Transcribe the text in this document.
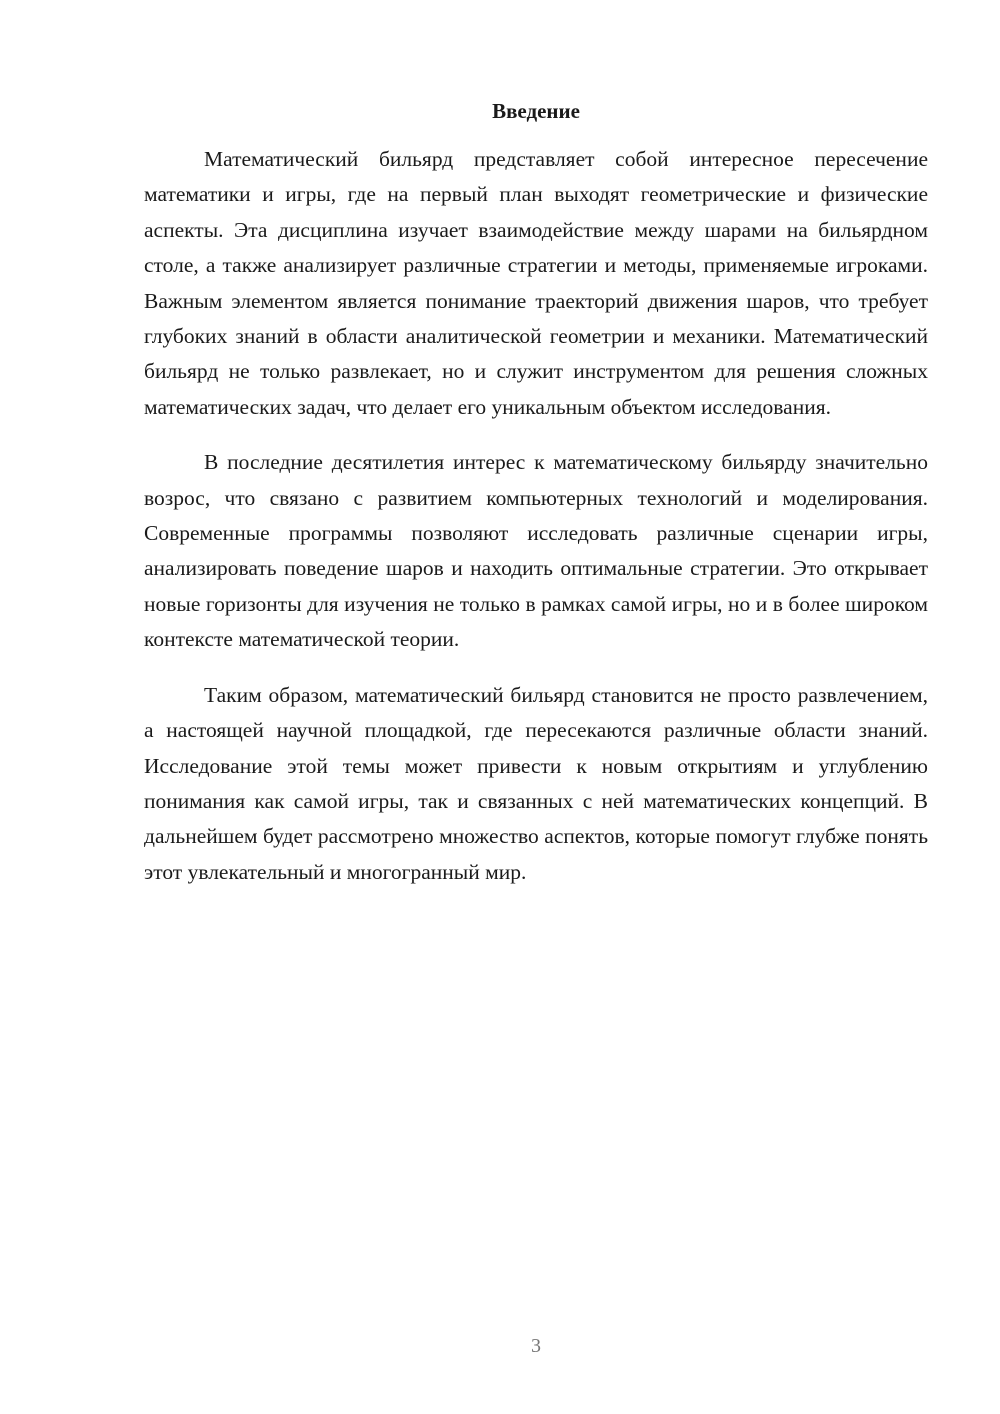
Введение

Математический бильярд представляет собой интересное пересечение математики и игры, где на первый план выходят геометрические и физические аспекты. Эта дисциплина изучает взаимодействие между шарами на бильярдном столе, а также анализирует различные стратегии и методы, применяемые игроками. Важным элементом является понимание траекторий движения шаров, что требует глубоких знаний в области аналитической геометрии и механики. Математический бильярд не только развлекает, но и служит инструментом для решения сложных математических задач, что делает его уникальным объектом исследования.

В последние десятилетия интерес к математическому бильярду значительно возрос, что связано с развитием компьютерных технологий и моделирования. Современные программы позволяют исследовать различные сценарии игры, анализировать поведение шаров и находить оптимальные стратегии. Это открывает новые горизонты для изучения не только в рамках самой игры, но и в более широком контексте математической теории.

Таким образом, математический бильярд становится не просто развлечением, а настоящей научной площадкой, где пересекаются различные области знаний. Исследование этой темы может привести к новым открытиям и углублению понимания как самой игры, так и связанных с ней математических концепций. В дальнейшем будет рассмотрено множество аспектов, которые помогут глубже понять этот увлекательный и многогранный мир.

3
